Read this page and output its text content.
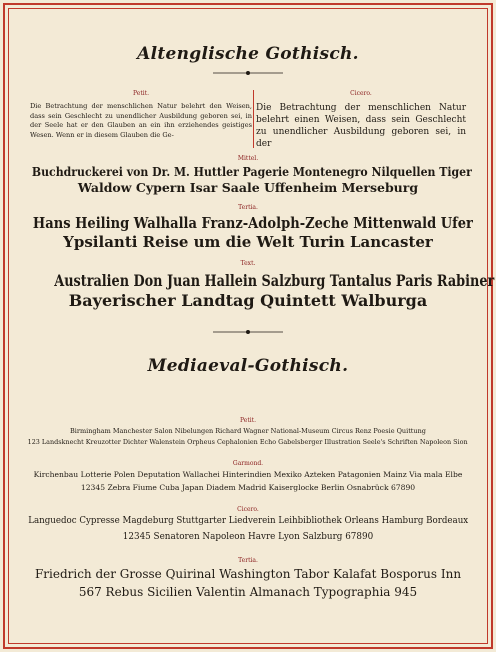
Altenglische Gothisch.
Petit.
Die Betrachtung der menschlichen Natur belehrt den Weisen, dass sein Geschlecht zu unendlicher Ausbildung geboren sei, in der Seele hat er den Glauben an ein ihn erziehendes geistiges Wesen. Wenn er in diesem Glauben die Ge-
Cicero.
Die Betrachtung der menschlichen Natur belehrt einen Weisen, dass sein Geschlecht zu unendlicher Ausbildung geboren sei, in der
Mittel.
Buchdruckerei von Dr. M. Huttler Pagerie Montenegro Nilquellen Tiger
Waldow Cypern Isar Saale Uffenheim Merseburg
Tertia.
Hans Heiling Walhalla Franz-Adolph-Zeche Mittenwald Ufer
Ypsilanti Reise um die Welt Turin Lancaster
Text.
Australien Don Juan Hallein Salzburg Tantalus Paris Rabiner
Bayerischer Landtag Quintett Walburga
Mediaeval-Gothisch.
Petit.
Birmingham Manchester Salon Nibelungen Richard Wagner National-Museum Circus Renz Poesie Quittung
123 Landsknecht Kreuzotter Dichter Walenstein Orpheus Cephalonien Echo Gabelsberger Illustration Seele's Schriften Napoleon Sion
Garmond.
Kirchenbau Lotterie Polen Deputation Wallachei Hinterindien Mexiko Azteken Patagonien Mainz Via mala Elbe
12345 Zebra Fiume Cuba Japan Diadem Madrid Kaiserglocke Berlin Osnabrück 67890
Cicero.
Languedoc Cypresse Magdeburg Stuttgarter Liedverein Leihbibliothek Orleans Hamburg Bordeaux
12345 Senatoren Napoleon Havre Lyon Salzburg 67890
Tertia.
Friedrich der Grosse Quirinal Washington Tabor Kalafat Bosporus Inn
567 Rebus Sicilien Valentin Almanach Typographia 945
